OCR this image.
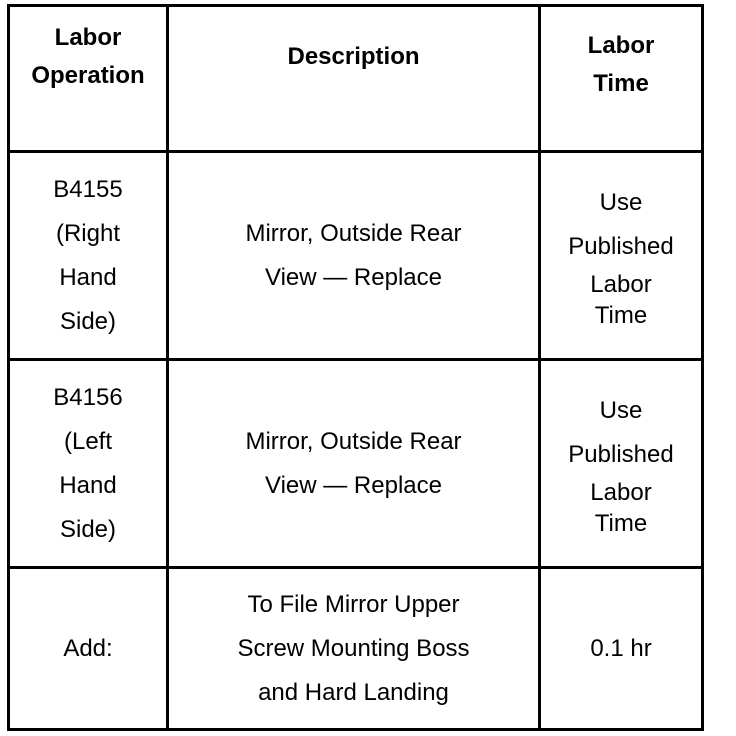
Labor
Operation
Description	Labor
Time
B4155
(Right
Hand
Side)
Mirror, Outside Rear
View — Replace
Use
Published
Labor
Time
B4156
(Left
Hand
Side)
Mirror, Outside Rear
View — Replace
Use
Published
Labor
Time
Add:
To File Mirror Upper
Screw Mounting Boss
and Hard Landing
0.1 hr
